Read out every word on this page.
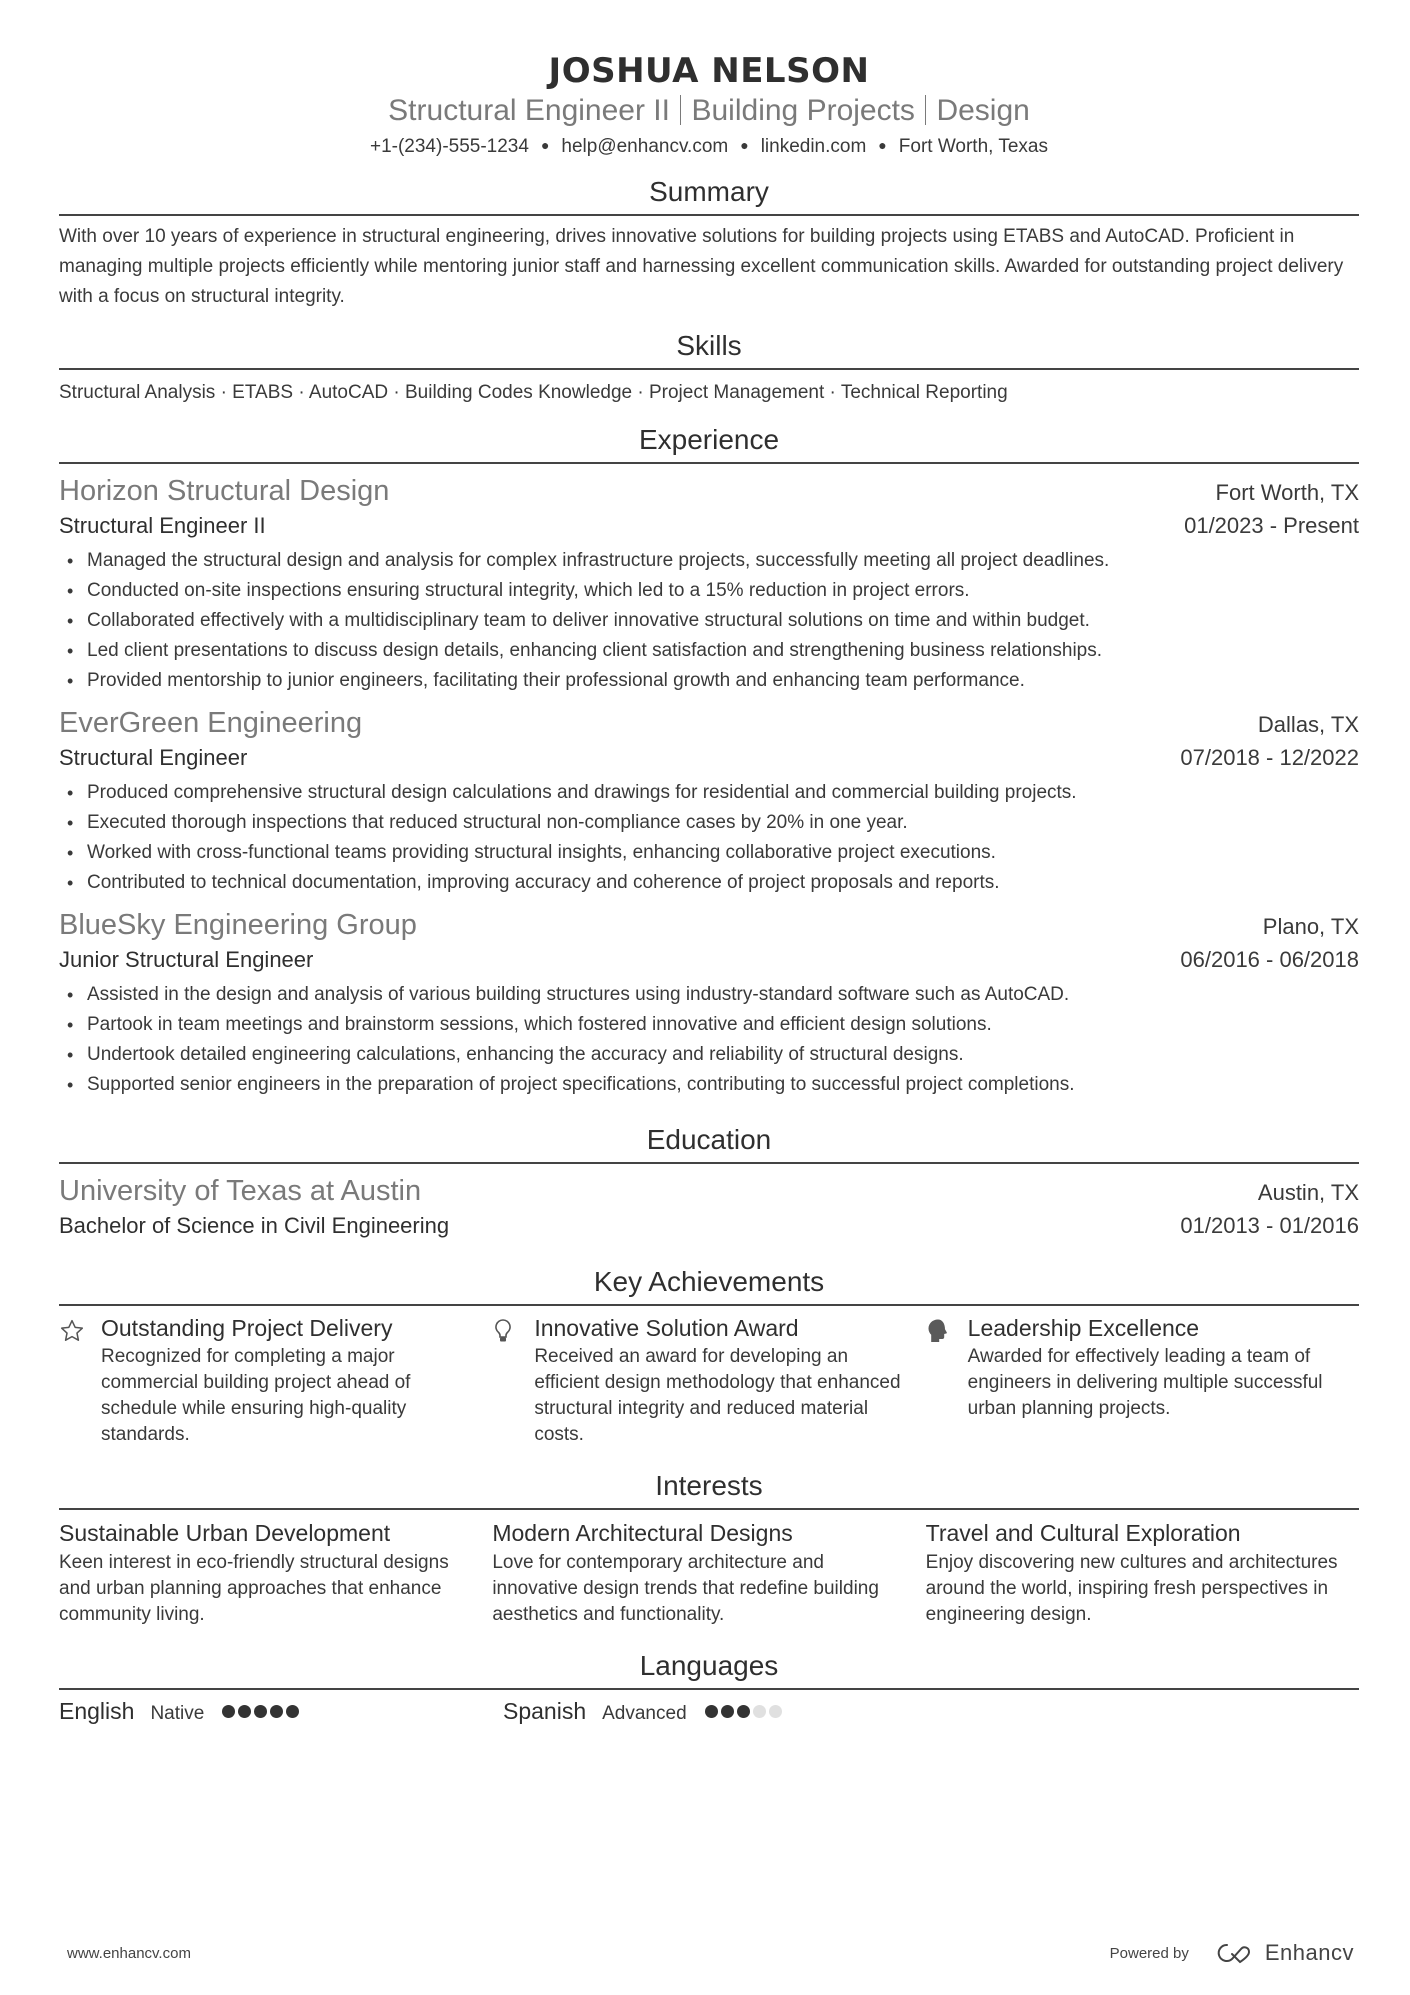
JOSHUA NELSON
Structural Engineer II Building Projects Design
+1-(234)-555-1234 ● help@enhancv.com ● linkedin.com ● Fort Worth, Texas
Summary

With over 10 years of experience in structural engineering, drives innovative solutions for building projects using ETABS and AutoCAD. Proficient in managing multiple projects efficiently while mentoring junior staff and harnessing excellent communication skills. Awarded for outstanding project delivery with a focus on structural integrity.

Skills

Structural Analysis · ETABS · AutoCAD · Building Codes Knowledge · Project Management · Technical Reporting

Experience
Horizon Structural Design	Fort Worth, TX
Structural Engineer II	01/2023 - Present
• Managed the structural design and analysis for complex infrastructure projects, successfully meeting all project deadlines.
• Conducted on-site inspections ensuring structural integrity, which led to a 15% reduction in project errors.
• Collaborated effectively with a multidisciplinary team to deliver innovative structural solutions on time and within budget.
• Led client presentations to discuss design details, enhancing client satisfaction and strengthening business relationships.
• Provided mentorship to junior engineers, facilitating their professional growth and enhancing team performance.
EverGreen Engineering	Dallas, TX
Structural Engineer	07/2018 - 12/2022
• Produced comprehensive structural design calculations and drawings for residential and commercial building projects.
• Executed thorough inspections that reduced structural non-compliance cases by 20% in one year.
• Worked with cross-functional teams providing structural insights, enhancing collaborative project executions.
• Contributed to technical documentation, improving accuracy and coherence of project proposals and reports.
BlueSky Engineering Group	Plano, TX
Junior Structural Engineer	06/2016 - 06/2018
• Assisted in the design and analysis of various building structures using industry-standard software such as AutoCAD.
• Partook in team meetings and brainstorm sessions, which fostered innovative and efficient design solutions.
• Undertook detailed engineering calculations, enhancing the accuracy and reliability of structural designs.
• Supported senior engineers in the preparation of project specifications, contributing to successful project completions.
Education
University of Texas at Austin	Austin, TX
Bachelor of Science in Civil Engineering	01/2013 - 01/2016
Key Achievements
Outstanding Project Delivery
Recognized for completing a major commercial building project ahead of schedule while ensuring high-quality standards.
Innovative Solution Award
Received an award for developing an efficient design methodology that enhanced structural integrity and reduced material costs.
Leadership Excellence
Awarded for effectively leading a team of engineers in delivering multiple successful urban planning projects.
Interests
Sustainable Urban Development
Keen interest in eco-friendly structural designs and urban planning approaches that enhance community living.
Modern Architectural Designs
Love for contemporary architecture and innovative design trends that redefine building aesthetics and functionality.
Travel and Cultural Exploration
Enjoy discovering new cultures and architectures around the world, inspiring fresh perspectives in engineering design.
Languages
English Native	Spanish Advanced
www.enhancv.com	Powered by	Enhancv
